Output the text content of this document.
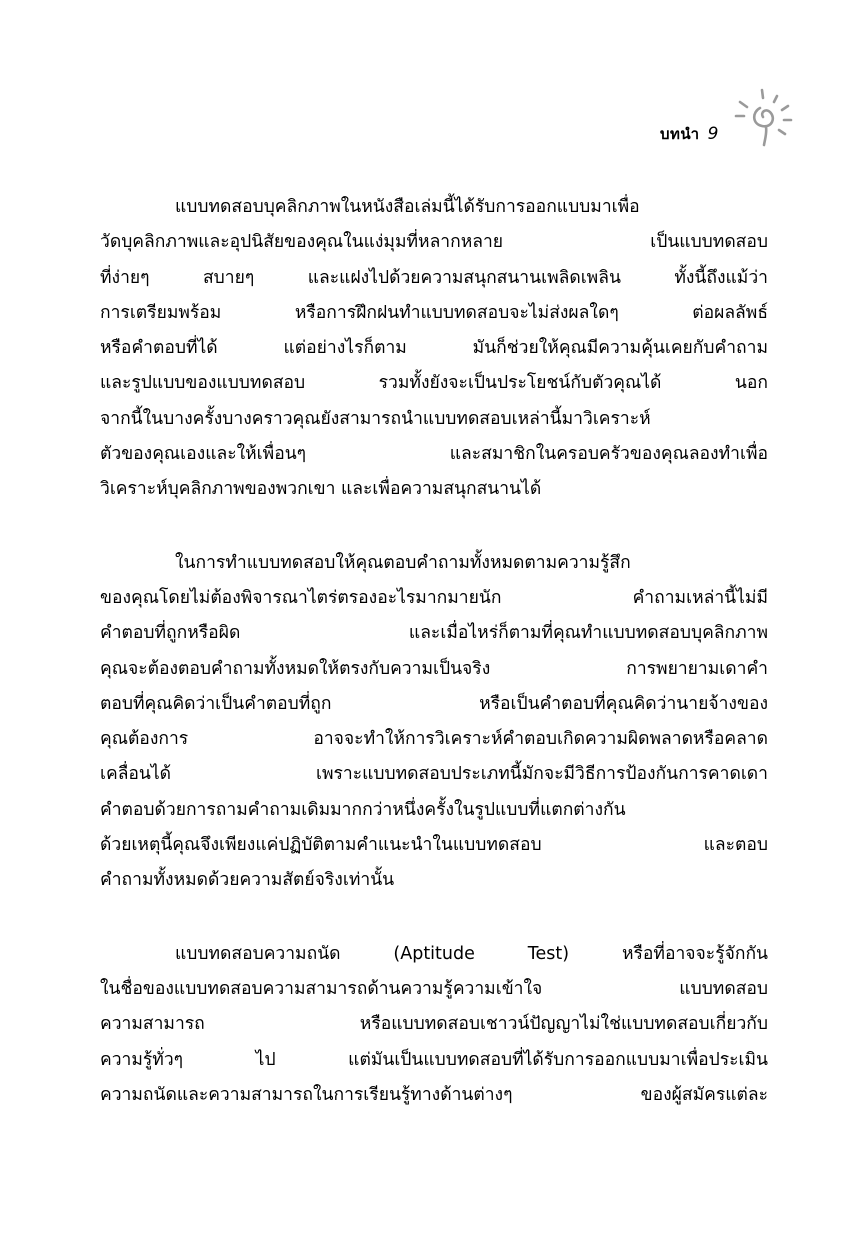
บทนำ 9
แบบทดสอบบุคลิกภาพในหนังสือเล่มนี้ได้รับการออกแบบมาเพื่อ
วัดบุคลิกภาพและอุปนิสัยของคุณในแง่มุมที่หลากหลาย เป็นแบบทดสอบ
ที่ง่ายๆ สบายๆ และแฝงไปด้วยความสนุกสนานเพลิดเพลิน ทั้งนี้ถึงแม้ว่า
การเตรียมพร้อม หรือการฝึกฝนทำแบบทดสอบจะไม่ส่งผลใดๆ ต่อผลลัพธ์
หรือคำตอบที่ได้ แต่อย่างไรก็ตาม มันก็ช่วยให้คุณมีความคุ้นเคยกับคำถาม
และรูปแบบของแบบทดสอบ รวมทั้งยังจะเป็นประโยชน์กับตัวคุณได้ นอก
จากนี้ในบางครั้งบางคราวคุณยังสามารถนำแบบทดสอบเหล่านี้มาวิเคราะห์
ตัวของคุณเองและให้เพื่อนๆ และสมาชิกในครอบครัวของคุณลองทำเพื่อ
วิเคราะห์บุคลิกภาพของพวกเขา และเพื่อความสนุกสนานได้
ในการทำแบบทดสอบให้คุณตอบคำถามทั้งหมดตามความรู้สึก
ของคุณโดยไม่ต้องพิจารณาไตร่ตรองอะไรมากมายนัก คำถามเหล่านี้ไม่มี
คำตอบที่ถูกหรือผิด และเมื่อไหร่ก็ตามที่คุณทำแบบทดสอบบุคลิกภาพ
คุณจะต้องตอบคำถามทั้งหมดให้ตรงกับความเป็นจริง การพยายามเดาคำ
ตอบที่คุณคิดว่าเป็นคำตอบที่ถูก หรือเป็นคำตอบที่คุณคิดว่านายจ้างของ
คุณต้องการ อาจจะทำให้การวิเคราะห์คำตอบเกิดความผิดพลาดหรือคลาด
เคลื่อนได้ เพราะแบบทดสอบประเภทนี้มักจะมีวิธีการป้องกันการคาดเดา
คำตอบด้วยการถามคำถามเดิมมากกว่าหนึ่งครั้งในรูปแบบที่แตกต่างกัน
ด้วยเหตุนี้คุณจึงเพียงแค่ปฏิบัติตามคำแนะนำในแบบทดสอบ และตอบ
คำถามทั้งหมดด้วยความสัตย์จริงเท่านั้น
แบบทดสอบความถนัด (Aptitude Test) หรือที่อาจจะรู้จักกัน
ในชื่อของแบบทดสอบความสามารถด้านความรู้ความเข้าใจ แบบทดสอบ
ความสามารถ หรือแบบทดสอบเชาวน์ปัญญาไม่ใช่แบบทดสอบเกี่ยวกับ
ความรู้ทั่วๆ ไป แต่มันเป็นแบบทดสอบที่ได้รับการออกแบบมาเพื่อประเมิน
ความถนัดและความสามารถในการเรียนรู้ทางด้านต่างๆ ของผู้สมัครแต่ละ
